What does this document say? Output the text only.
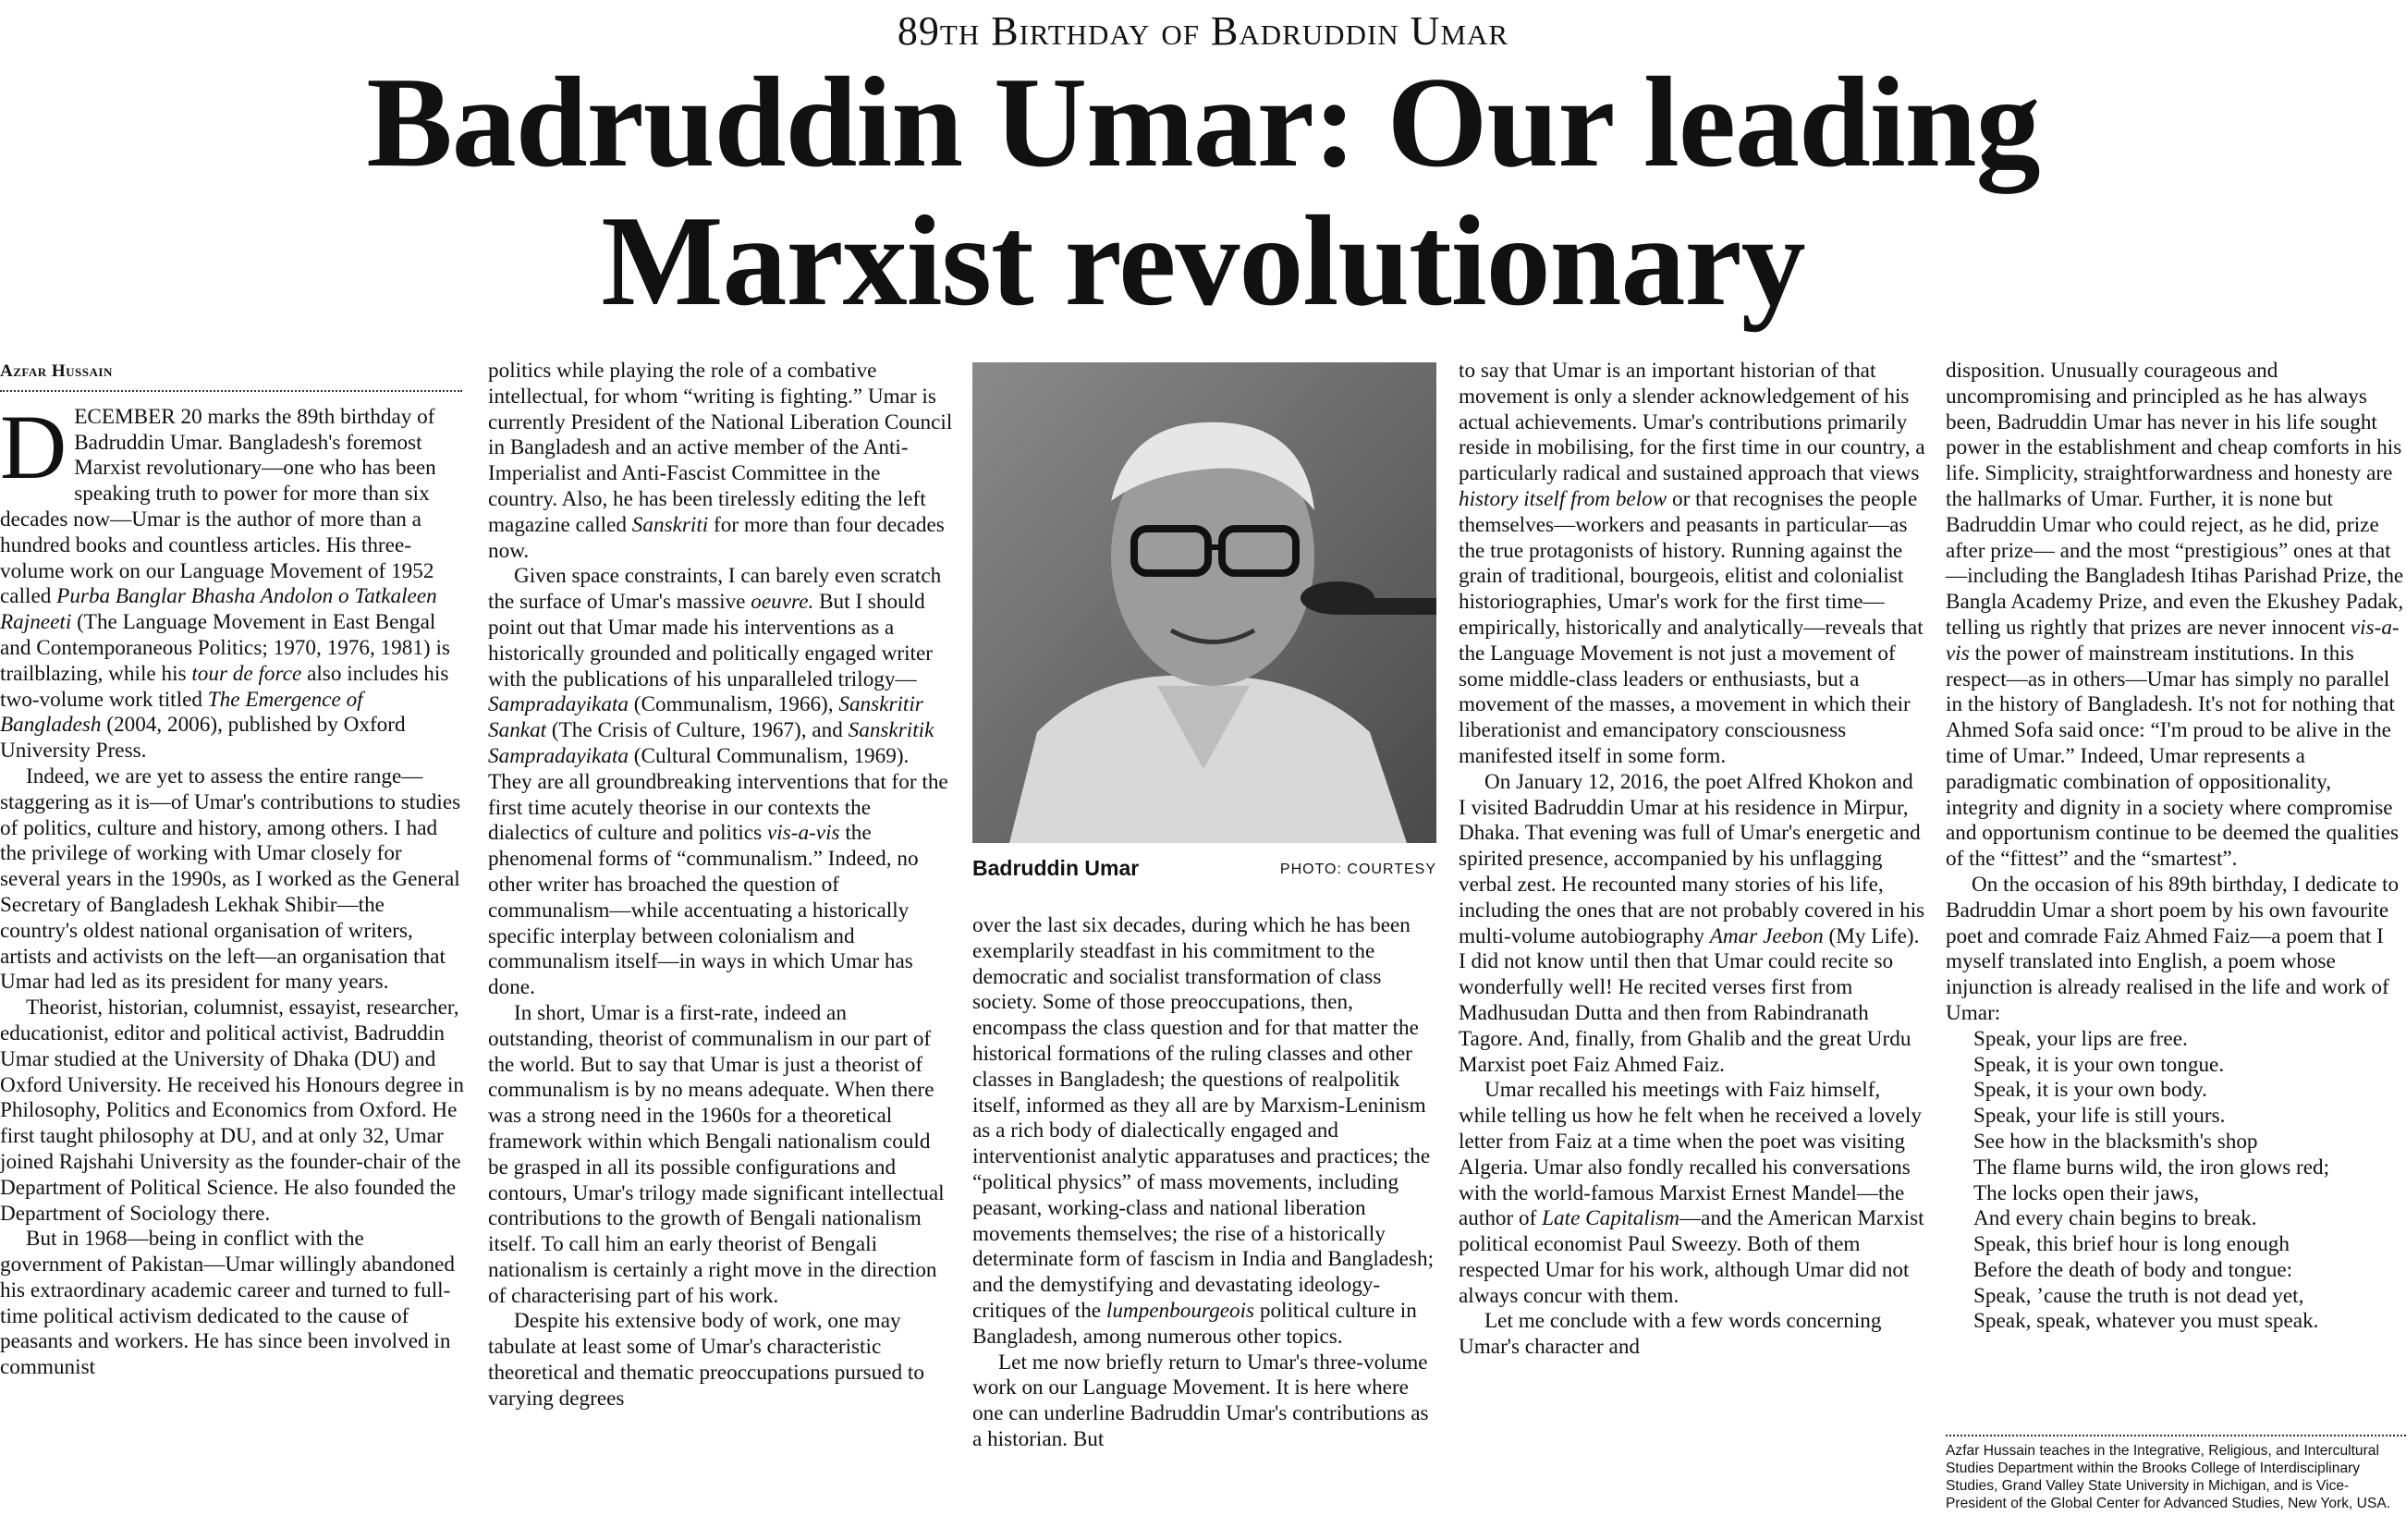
89th Birthday of Badruddin Umar
Badruddin Umar: Our leading
Marxist revolutionary
Azfar Hussain

DECEMBER 20 marks the 89th birthday of Badruddin Umar. Bangladesh's foremost Marxist revolutionary—one who has been speaking truth to power for more than six decades now—Umar is the author of more than a hundred books and countless articles. His three-volume work on our Language Movement of 1952 called Purba Banglar Bhasha Andolon o Tatkaleen Rajneeti (The Language Movement in East Bengal and Contemporaneous Politics; 1970, 1976, 1981) is trailblazing, while his tour de force also includes his two-volume work titled The Emergence of Bangladesh (2004, 2006), published by Oxford University Press.

Indeed, we are yet to assess the entire range—staggering as it is—of Umar's contributions to studies of politics, culture and history, among others. I had the privilege of working with Umar closely for several years in the 1990s, as I worked as the General Secretary of Bangladesh Lekhak Shibir—the country's oldest national organisation of writers, artists and activists on the left—an organisation that Umar had led as its president for many years.

Theorist, historian, columnist, essayist, researcher, educationist, editor and political activist, Badruddin Umar studied at the University of Dhaka (DU) and Oxford University. He received his Honours degree in Philosophy, Politics and Economics from Oxford. He first taught philosophy at DU, and at only 32, Umar joined Rajshahi University as the founder-chair of the Department of Political Science. He also founded the Department of Sociology there.

But in 1968—being in conflict with the government of Pakistan—Umar willingly abandoned his extraordinary academic career and turned to full-time political activism dedicated to the cause of peasants and workers. He has since been involved in communist

politics while playing the role of a combative intellectual, for whom “writing is fighting.” Umar is currently President of the National Liberation Council in Bangladesh and an active member of the Anti-Imperialist and Anti-Fascist Committee in the country. Also, he has been tirelessly editing the left magazine called Sanskriti for more than four decades now.

Given space constraints, I can barely even scratch the surface of Umar's massive oeuvre. But I should point out that Umar made his interventions as a historically grounded and politically engaged writer with the publications of his unparalleled trilogy—Sampradayikata (Communalism, 1966), Sanskritir Sankat (The Crisis of Culture, 1967), and Sanskritik Sampradayikata (Cultural Communalism, 1969). They are all groundbreaking interventions that for the first time acutely theorise in our contexts the dialectics of culture and politics vis-a-vis the phenomenal forms of “communalism.” Indeed, no other writer has broached the question of communalism—while accentuating a historically specific interplay between colonialism and communalism itself—in ways in which Umar has done.

In short, Umar is a first-rate, indeed an outstanding, theorist of communalism in our part of the world. But to say that Umar is just a theorist of communalism is by no means adequate. When there was a strong need in the 1960s for a theoretical framework within which Bengali nationalism could be grasped in all its possible configurations and contours, Umar's trilogy made significant intellectual contributions to the growth of Bengali nationalism itself. To call him an early theorist of Bengali nationalism is certainly a right move in the direction of characterising part of his work.

Despite his extensive body of work, one may tabulate at least some of Umar's characteristic theoretical and thematic preoccupations pursued to varying degrees

Badruddin Umar	PHOTO: COURTESY

over the last six decades, during which he has been exemplarily steadfast in his commitment to the democratic and socialist transformation of class society. Some of those preoccupations, then, encompass the class question and for that matter the historical formations of the ruling classes and other classes in Bangladesh; the questions of realpolitik itself, informed as they all are by Marxism-Leninism as a rich body of dialectically engaged and interventionist analytic apparatuses and practices; the “political physics” of mass movements, including peasant, working-class and national liberation movements themselves; the rise of a historically determinate form of fascism in India and Bangladesh; and the demystifying and devastating ideology-critiques of the lumpenbourgeois political culture in Bangladesh, among numerous other topics.

Let me now briefly return to Umar's three-volume work on our Language Movement. It is here where one can underline Badruddin Umar's contributions as a historian. But

to say that Umar is an important historian of that movement is only a slender acknowledgement of his actual achievements. Umar's contributions primarily reside in mobilising, for the first time in our country, a particularly radical and sustained approach that views history itself from below or that recognises the people themselves—workers and peasants in particular—as the true protagonists of history. Running against the grain of traditional, bourgeois, elitist and colonialist historiographies, Umar's work for the first time—empirically, historically and analytically—reveals that the Language Movement is not just a movement of some middle-class leaders or enthusiasts, but a movement of the masses, a movement in which their liberationist and emancipatory consciousness manifested itself in some form.

On January 12, 2016, the poet Alfred Khokon and I visited Badruddin Umar at his residence in Mirpur, Dhaka. That evening was full of Umar's energetic and spirited presence, accompanied by his unflagging verbal zest. He recounted many stories of his life, including the ones that are not probably covered in his multi-volume autobiography Amar Jeebon (My Life). I did not know until then that Umar could recite so wonderfully well! He recited verses first from Madhusudan Dutta and then from Rabindranath Tagore. And, finally, from Ghalib and the great Urdu Marxist poet Faiz Ahmed Faiz.

Umar recalled his meetings with Faiz himself, while telling us how he felt when he received a lovely letter from Faiz at a time when the poet was visiting Algeria. Umar also fondly recalled his conversations with the world-famous Marxist Ernest Mandel—the author of Late Capitalism—and the American Marxist political economist Paul Sweezy. Both of them respected Umar for his work, although Umar did not always concur with them.

Let me conclude with a few words concerning Umar's character and

disposition. Unusually courageous and uncompromising and principled as he has always been, Badruddin Umar has never in his life sought power in the establishment and cheap comforts in his life. Simplicity, straightforwardness and honesty are the hallmarks of Umar. Further, it is none but Badruddin Umar who could reject, as he did, prize after prize— and the most “prestigious” ones at that—including the Bangladesh Itihas Parishad Prize, the Bangla Academy Prize, and even the Ekushey Padak, telling us rightly that prizes are never innocent vis-a-vis the power of mainstream institutions. In this respect—as in others—Umar has simply no parallel in the history of Bangladesh. It's not for nothing that Ahmed Sofa said once: “I'm proud to be alive in the time of Umar.” Indeed, Umar represents a paradigmatic combination of oppositionality, integrity and dignity in a society where compromise and opportunism continue to be deemed the qualities of the “fittest” and the “smartest”.

On the occasion of his 89th birthday, I dedicate to Badruddin Umar a short poem by his own favourite poet and comrade Faiz Ahmed Faiz—a poem that I myself translated into English, a poem whose injunction is already realised in the life and work of Umar:

Speak, your lips are free.
Speak, it is your own tongue.
Speak, it is your own body.
Speak, your life is still yours.
See how in the blacksmith's shop
The flame burns wild, the iron glows red;
The locks open their jaws,
And every chain begins to break.
Speak, this brief hour is long enough
Before the death of body and tongue:
Speak, ’cause the truth is not dead yet,
Speak, speak, whatever you must speak.
Azfar Hussain teaches in the Integrative, Religious, and Intercultural Studies Department within the Brooks College of Interdisciplinary Studies, Grand Valley State University in Michigan, and is Vice-President of the Global Center for Advanced Studies, New York, USA.
